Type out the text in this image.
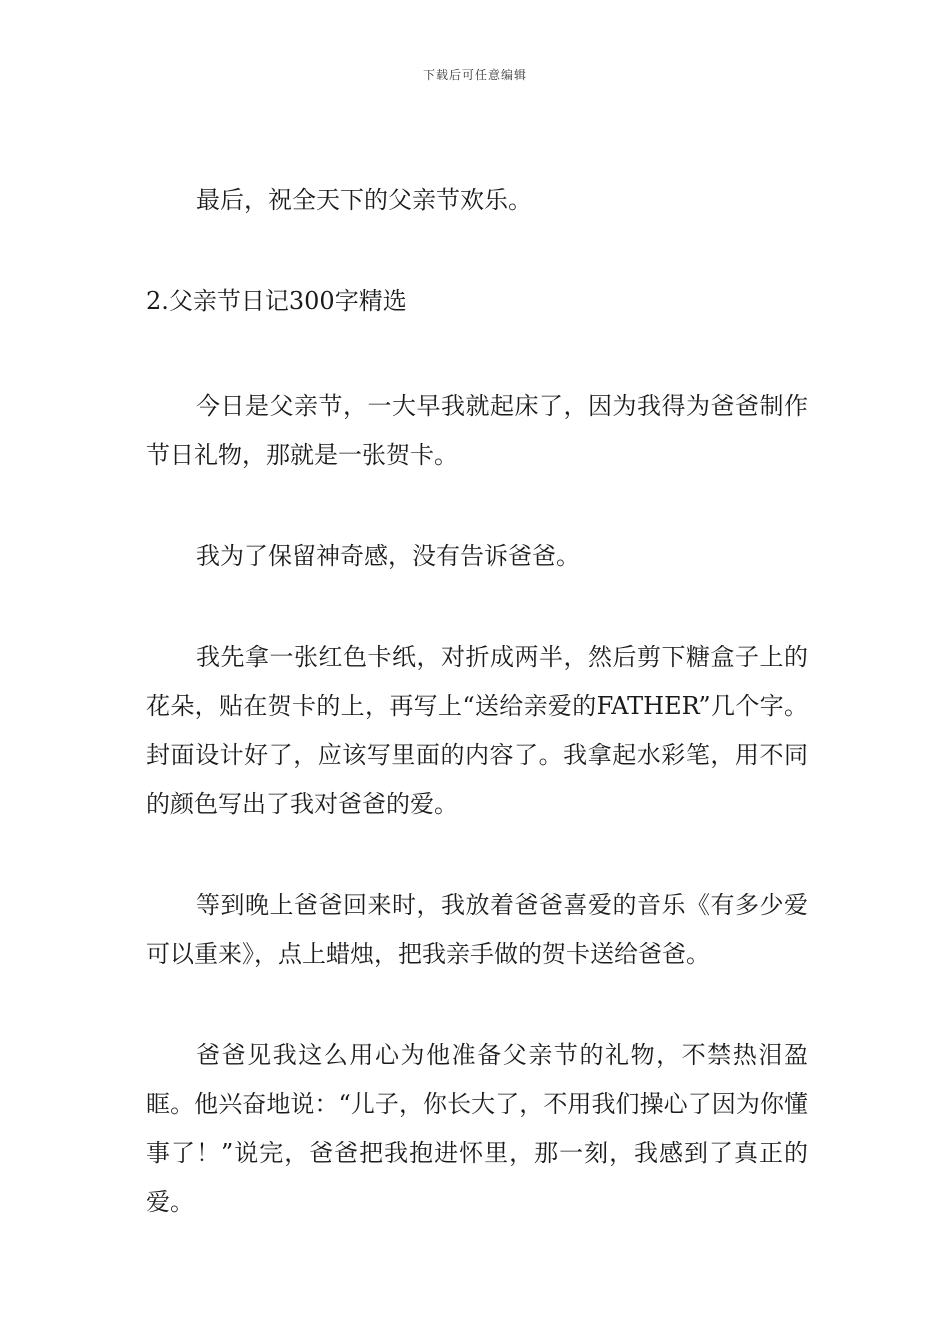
下载后可任意编辑

最后，祝全天下的父亲节欢乐。

2.父亲节日记300字精选

今日是父亲节，一大早我就起床了，因为我得为爸爸制作节日礼物，那就是一张贺卡。

我为了保留神奇感，没有告诉爸爸。

我先拿一张红色卡纸，对折成两半，然后剪下糖盒子上的花朵，贴在贺卡的上，再写上“送给亲爱的FATHER”几个字。封面设计好了，应该写里面的内容了。我拿起水彩笔，用不同的颜色写出了我对爸爸的爱。

等到晚上爸爸回来时，我放着爸爸喜爱的音乐《有多少爱可以重来》，点上蜡烛，把我亲手做的贺卡送给爸爸。

爸爸见我这么用心为他准备父亲节的礼物，不禁热泪盈眶。他兴奋地说：“儿子，你长大了，不用我们操心了因为你懂事了！”说完，爸爸把我抱进怀里，那一刻，我感到了真正的爱。
